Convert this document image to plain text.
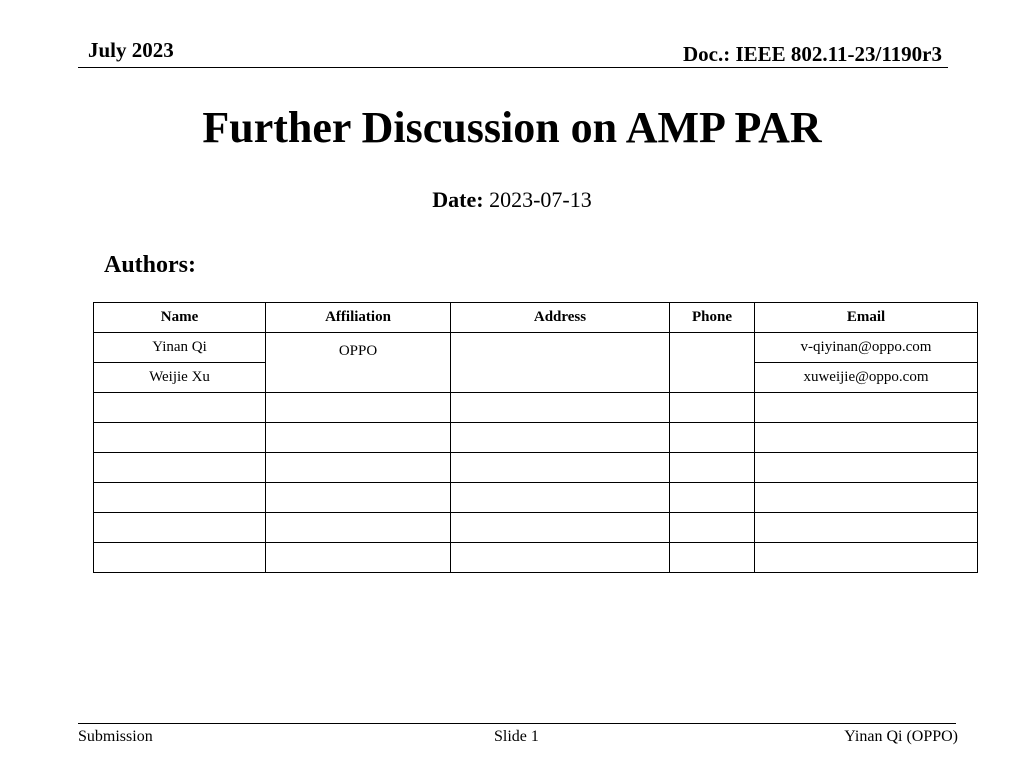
July 2023	Doc.: IEEE 802.11-23/1190r3
Further Discussion on AMP PAR
Date: 2023-07-13
Authors:
Name	Affiliation	Address	Phone	Email
Yinan Qi	OPPO			v-qiyinan@oppo.com
Weijie Xu				xuweijie@oppo.com

Submission	Slide 1	Yinan Qi (OPPO)
